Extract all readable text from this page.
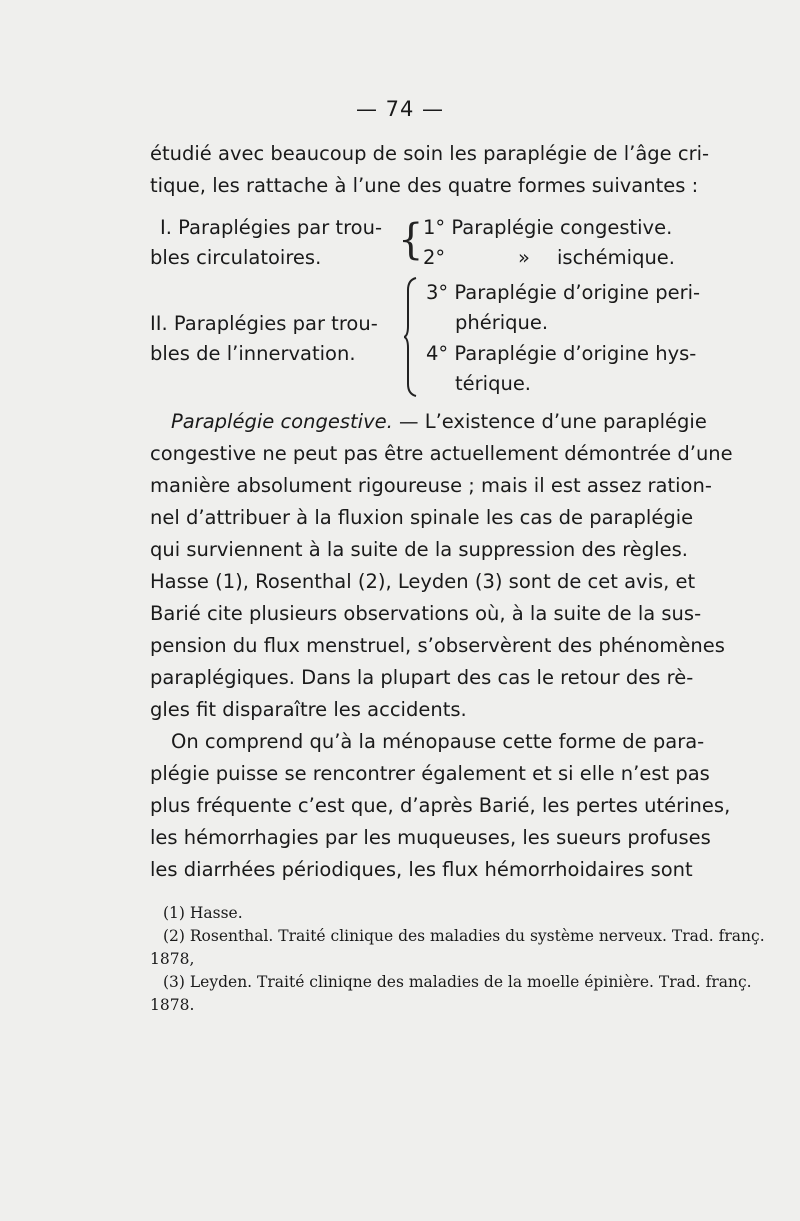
— 74 —
étudié avec beaucoup de soin les paraplégie de l’âge cri-
tique, les rattache à l’une des quatre formes suivantes :
I. Paraplégies par trou-
bles circulatoires. { 1° Paraplégie congestive.
2°	» ischémique.
II. Paraplégies par trou-
bles de l’innervation.
3° Paraplégie d’origine peri-
phérique.
4° Paraplégie d’origine hys-
térique.
Paraplégie congestive. — L’existence d’une paraplégie
congestive ne peut pas être actuellement démontrée d’une
manière absolument rigoureuse ; mais il est assez ration-
nel d’attribuer à la fluxion spinale les cas de paraplégie
qui surviennent à la suite de la suppression des règles.
Hasse (1), Rosenthal (2), Leyden (3) sont de cet avis, et
Barié cite plusieurs observations où, à la suite de la sus-
pension du flux menstruel, s’observèrent des phénomènes
paraplégiques. Dans la plupart des cas le retour des rè-
gles fit disparaître les accidents.
On comprend qu’à la ménopause cette forme de para-
plégie puisse se rencontrer également et si elle n’est pas
plus fréquente c’est que, d’après Barié, les pertes utérines,
les hémorrhagies par les muqueuses, les sueurs profuses
les diarrhées périodiques, les flux hémorrhoidaires sont
(1) Hasse.
(2) Rosenthal. Traité clinique des maladies du système nerveux. Trad. franç.
1878,
(3) Leyden. Traité cliniqne des maladies de la moelle épinière. Trad. franç.
1878.
